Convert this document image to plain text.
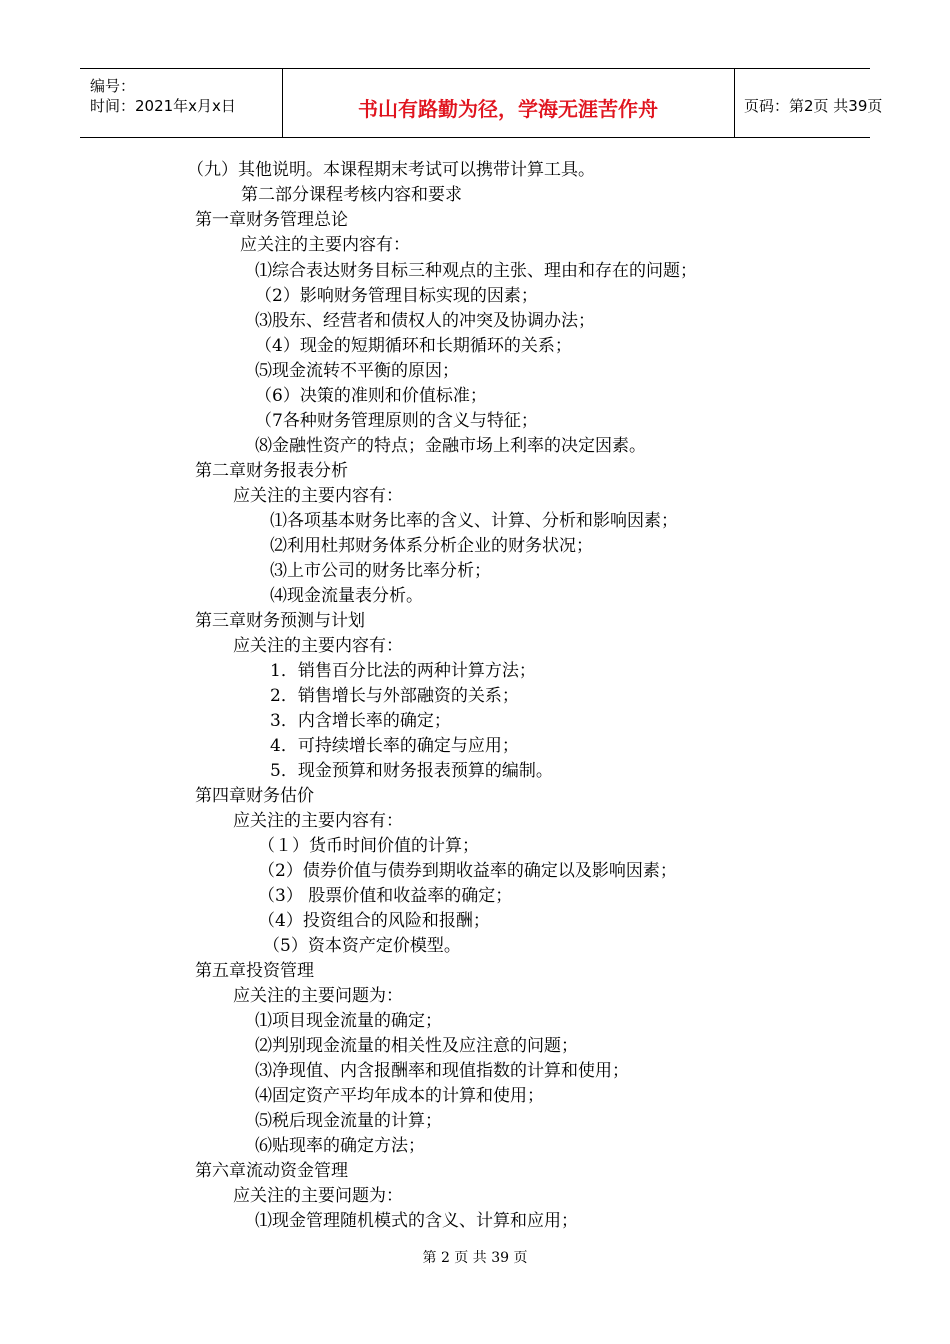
编号：
时间：2021年x月x日	书山有路勤为径，学海无涯苦作舟	页码：第2页 共39页
（九）其他说明。本课程期末考试可以携带计算工具。
第二部分课程考核内容和要求
第一章财务管理总论
应关注的主要内容有：
⑴综合表达财务目标三种观点的主张、理由和存在的问题；
（2）影响财务管理目标实现的因素；
⑶股东、经营者和债权人的冲突及协调办法；
（4）现金的短期循环和长期循环的关系；
⑸现金流转不平衡的原因；
（6）决策的准则和价值标准；
（7各种财务管理原则的含义与特征；
⑻金融性资产的特点；金融市场上利率的决定因素。
第二章财务报表分析
应关注的主要内容有：
⑴各项基本财务比率的含义、计算、分析和影响因素；
⑵利用杜邦财务体系分析企业的财务状况；
⑶上市公司的财务比率分析；
⑷现金流量表分析。
第三章财务预测与计划
应关注的主要内容有：
1．销售百分比法的两种计算方法；
2．销售增长与外部融资的关系；
3．内含增长率的确定；
4．可持续增长率的确定与应用；
5．现金预算和财务报表预算的编制。
第四章财务估价
应关注的主要内容有：
（１）货币时间价值的计算；
（2）债券价值与债券到期收益率的确定以及影响因素；
（3） 股票价值和收益率的确定；
（4）投资组合的风险和报酬；
（5）资本资产定价模型。
第五章投资管理
应关注的主要问题为：
⑴项目现金流量的确定；
⑵判别现金流量的相关性及应注意的问题；
⑶净现值、内含报酬率和现值指数的计算和使用；
⑷固定资产平均年成本的计算和使用；
⑸税后现金流量的计算；
⑹贴现率的确定方法；
第六章流动资金管理
应关注的主要问题为：
⑴现金管理随机模式的含义、计算和应用；
第 2 页 共 39 页
